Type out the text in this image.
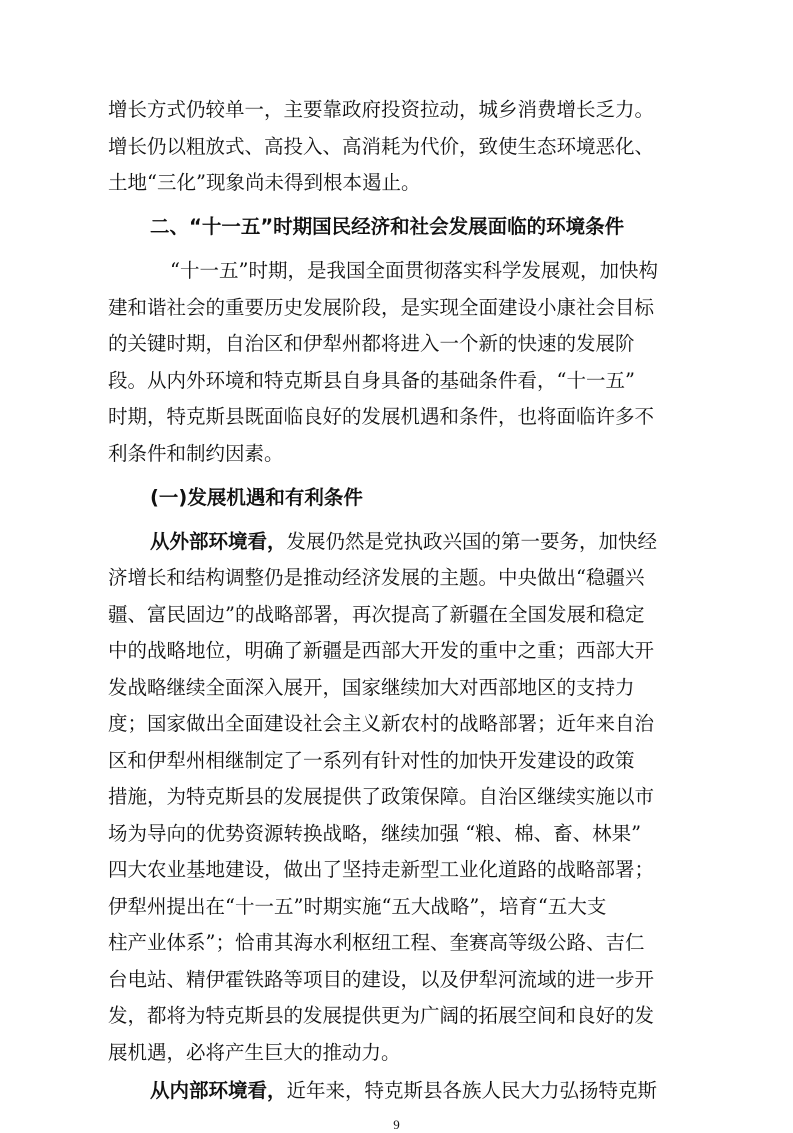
增长方式仍较单一，主要靠政府投资拉动，城乡消费增长乏力。
增长仍以粗放式、高投入、高消耗为代价，致使生态环境恶化、
土地“三化”现象尚未得到根本遏止。
二、“十一五”时期国民经济和社会发展面临的环境条件
“十一五”时期，是我国全面贯彻落实科学发展观，加快构
建和谐社会的重要历史发展阶段，是实现全面建设小康社会目标
的关键时期，自治区和伊犁州都将进入一个新的快速的发展阶
段。从内外环境和特克斯县自身具备的基础条件看，“十一五”
时期，特克斯县既面临良好的发展机遇和条件，也将面临许多不
利条件和制约因素。
(一)发展机遇和有利条件
从外部环境看，发展仍然是党执政兴国的第一要务，加快经
济增长和结构调整仍是推动经济发展的主题。中央做出“稳疆兴
疆、富民固边”的战略部署，再次提高了新疆在全国发展和稳定
中的战略地位，明确了新疆是西部大开发的重中之重；西部大开
发战略继续全面深入展开，国家继续加大对西部地区的支持力
度；国家做出全面建设社会主义新农村的战略部署；近年来自治
区和伊犁州相继制定了一系列有针对性的加快开发建设的政策
措施，为特克斯县的发展提供了政策保障。自治区继续实施以市
场为导向的优势资源转换战略，继续加强 “粮、棉、畜、林果”
四大农业基地建设，做出了坚持走新型工业化道路的战略部署；
伊犁州提出在“十一五”时期实施“五大战略”，培育“五大支
柱产业体系”；恰甫其海水利枢纽工程、奎赛高等级公路、吉仁
台电站、精伊霍铁路等项目的建设，以及伊犁河流域的进一步开
发，都将为特克斯县的发展提供更为广阔的拓展空间和良好的发
展机遇，必将产生巨大的推动力。
从内部环境看，近年来，特克斯县各族人民大力弘扬特克斯
9
